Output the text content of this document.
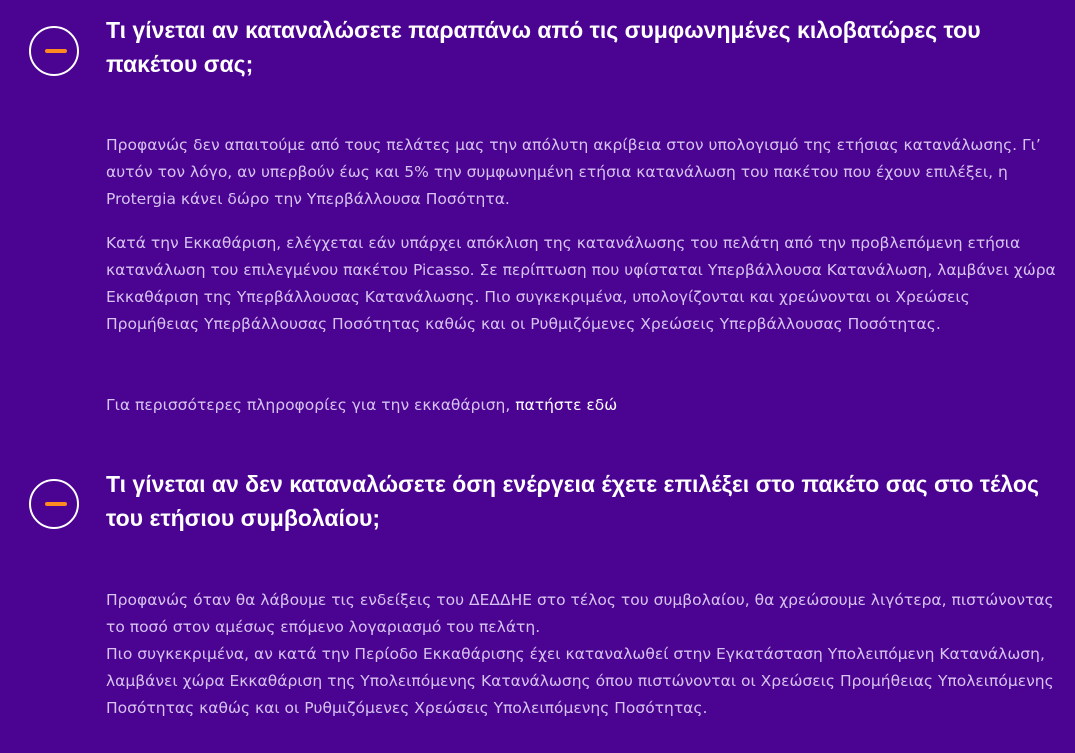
Τι γίνεται αν καταναλώσετε παραπάνω από τις συμφωνημένες κιλοβατώρες του πακέτου σας;

Προφανώς δεν απαιτούμε από τους πελάτες μας την απόλυτη ακρίβεια στον υπολογισμό της ετήσιας κατανάλωσης. Γι’ αυτόν τον λόγο, αν υπερβούν έως και 5% την συμφωνημένη ετήσια κατανάλωση του πακέτου που έχουν επιλέξει, η Protergia κάνει δώρο την Υπερβάλλουσα Ποσότητα.

Κατά την Εκκαθάριση, ελέγχεται εάν υπάρχει απόκλιση της κατανάλωσης του πελάτη από την προβλεπόμενη ετήσια κατανάλωση του επιλεγμένου πακέτου Picasso. Σε περίπτωση που υφίσταται Υπερβάλλουσα Κατανάλωση, λαμβάνει χώρα Εκκαθάριση της Υπερβάλλουσας Κατανάλωσης. Πιο συγκεκριμένα, υπολογίζονται και χρεώνονται οι Χρεώσεις Προμήθειας Υπερβάλλουσας Ποσότητας καθώς και οι Ρυθμιζόμενες Χρεώσεις Υπερβάλλουσας Ποσότητας.

Για περισσότερες πληροφορίες για την εκκαθάριση, πατήστε εδώ

Τι γίνεται αν δεν καταναλώσετε όση ενέργεια έχετε επιλέξει στο πακέτο σας στο τέλος του ετήσιου συμβολαίου;

Προφανώς όταν θα λάβουμε τις ενδείξεις του ΔΕΔΔΗΕ στο τέλος του συμβολαίου, θα χρεώσουμε λιγότερα, πιστώνοντας το ποσό στον αμέσως επόμενο λογαριασμό του πελάτη.

Πιο συγκεκριμένα, αν κατά την Περίοδο Εκκαθάρισης έχει καταναλωθεί στην Εγκατάσταση Υπολειπόμενη Κατανάλωση, λαμβάνει χώρα Εκκαθάριση της Υπολειπόμενης Κατανάλωσης όπου πιστώνονται οι Χρεώσεις Προμήθειας Υπολειπόμενης Ποσότητας καθώς και οι Ρυθμιζόμενες Χρεώσεις Υπολειπόμενης Ποσότητας.
